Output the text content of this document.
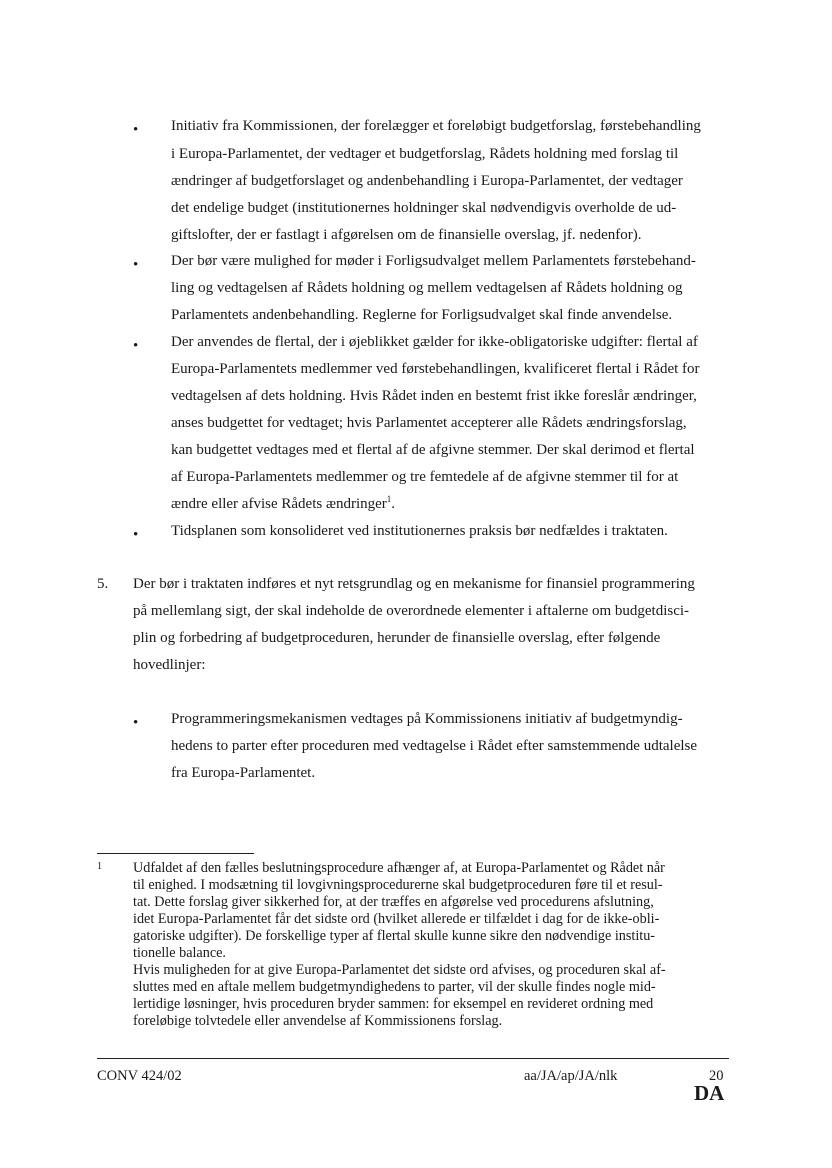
• Initiativ fra Kommissionen, der forelægger et foreløbigt budgetforslag, førstebehandling
i Europa-Parlamentet, der vedtager et budgetforslag, Rådets holdning med forslag til
ændringer af budgetforslaget og andenbehandling i Europa-Parlamentet, der vedtager
det endelige budget (institutionernes holdninger skal nødvendigvis overholde de ud-
giftslofter, der er fastlagt i afgørelsen om de finansielle overslag, jf. nedenfor).
• Der bør være mulighed for møder i Forligsudvalget mellem Parlamentets førstebehand-
ling og vedtagelsen af Rådets holdning og mellem vedtagelsen af Rådets holdning og
Parlamentets andenbehandling. Reglerne for Forligsudvalget skal finde anvendelse.
• Der anvendes de flertal, der i øjeblikket gælder for ikke-obligatoriske udgifter: flertal af
Europa-Parlamentets medlemmer ved førstebehandlingen, kvalificeret flertal i Rådet for
vedtagelsen af dets holdning. Hvis Rådet inden en bestemt frist ikke foreslår ændringer,
anses budgettet for vedtaget; hvis Parlamentet accepterer alle Rådets ændringsforslag,
kan budgettet vedtages med et flertal af de afgivne stemmer. Der skal derimod et flertal
af Europa-Parlamentets medlemmer og tre femtedele af de afgivne stemmer til for at
ændre eller afvise Rådets ændringer$^1$.
• Tidsplanen som konsolideret ved institutionernes praksis bør nedfældes i traktaten.
5. Der bør i traktaten indføres et nyt retsgrundlag og en mekanisme for finansiel programmering
på mellemlang sigt, der skal indeholde de overordnede elementer i aftalerne om budgetdisci-
plin og forbedring af budgetproceduren, herunder de finansielle overslag, efter følgende
hovedlinjer:
• Programmeringsmekanismen vedtages på Kommissionens initiativ af budgetmyndig-
hedens to parter efter proceduren med vedtagelse i Rådet efter samstemmende udtalelse
fra Europa-Parlamentet.
1 Udfaldet af den fælles beslutningsprocedure afhænger af, at Europa-Parlamentet og Rådet når
til enighed. I modsætning til lovgivningsprocedurerne skal budgetproceduren føre til et resul-
tat. Dette forslag giver sikkerhed for, at der træffes en afgørelse ved procedurens afslutning,
idet Europa-Parlamentet får det sidste ord (hvilket allerede er tilfældet i dag for de ikke-obli-
gatoriske udgifter). De forskellige typer af flertal skulle kunne sikre den nødvendige institu-
tionelle balance.
Hvis muligheden for at give Europa-Parlamentet det sidste ord afvises, og proceduren skal af-
sluttes med en aftale mellem budgetmyndighedens to parter, vil der skulle findes nogle mid-
lertidige løsninger, hvis proceduren bryder sammen: for eksempel en revideret ordning med
foreløbige tolvtedele eller anvendelse af Kommissionens forslag.
CONV 424/02	aa/JA/ap/JA/nlk	20
DA
